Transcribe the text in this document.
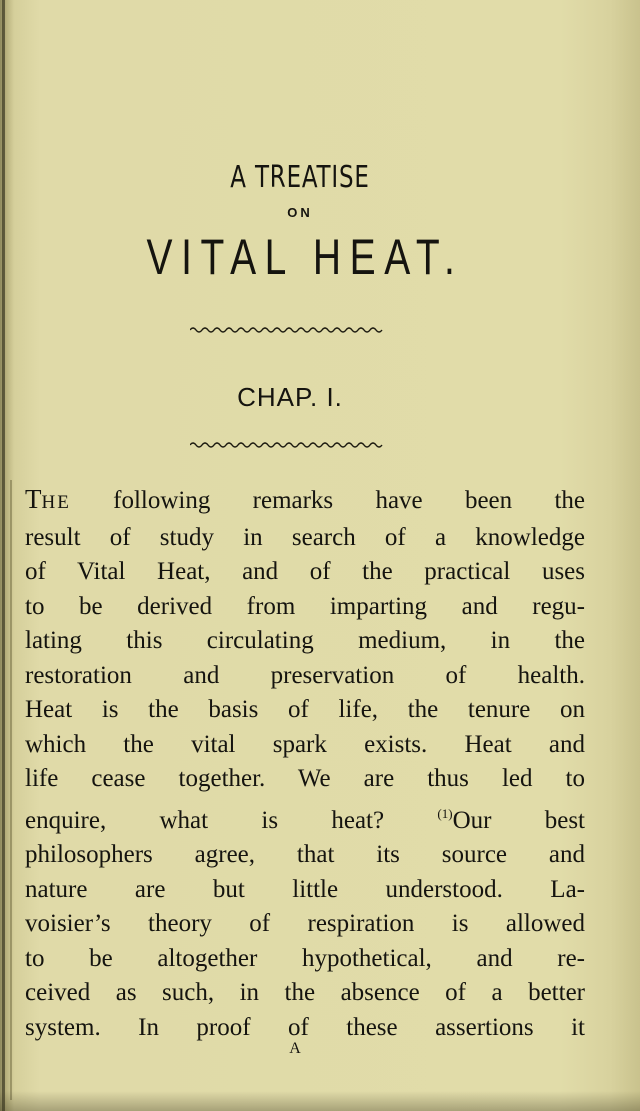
A TREATISE
ON
VITAL HEAT.
CHAP. I.
THE following remarks have been the
result of study in search of a knowledge
of Vital Heat, and of the practical uses
to be derived from imparting and regu-
lating this circulating medium, in the
restoration and preservation of health.
Heat is the basis of life, the tenure on
which the vital spark exists. Heat and
life cease together. We are thus led to
enquire, what is heat?	$^{(1)}$Our best
philosophers agree, that its source and
nature are but little understood. La-
voisier’s theory of respiration is allowed
to be altogether hypothetical, and re-
ceived as such, in the absence of a better
system. In proof of these assertions it
A
